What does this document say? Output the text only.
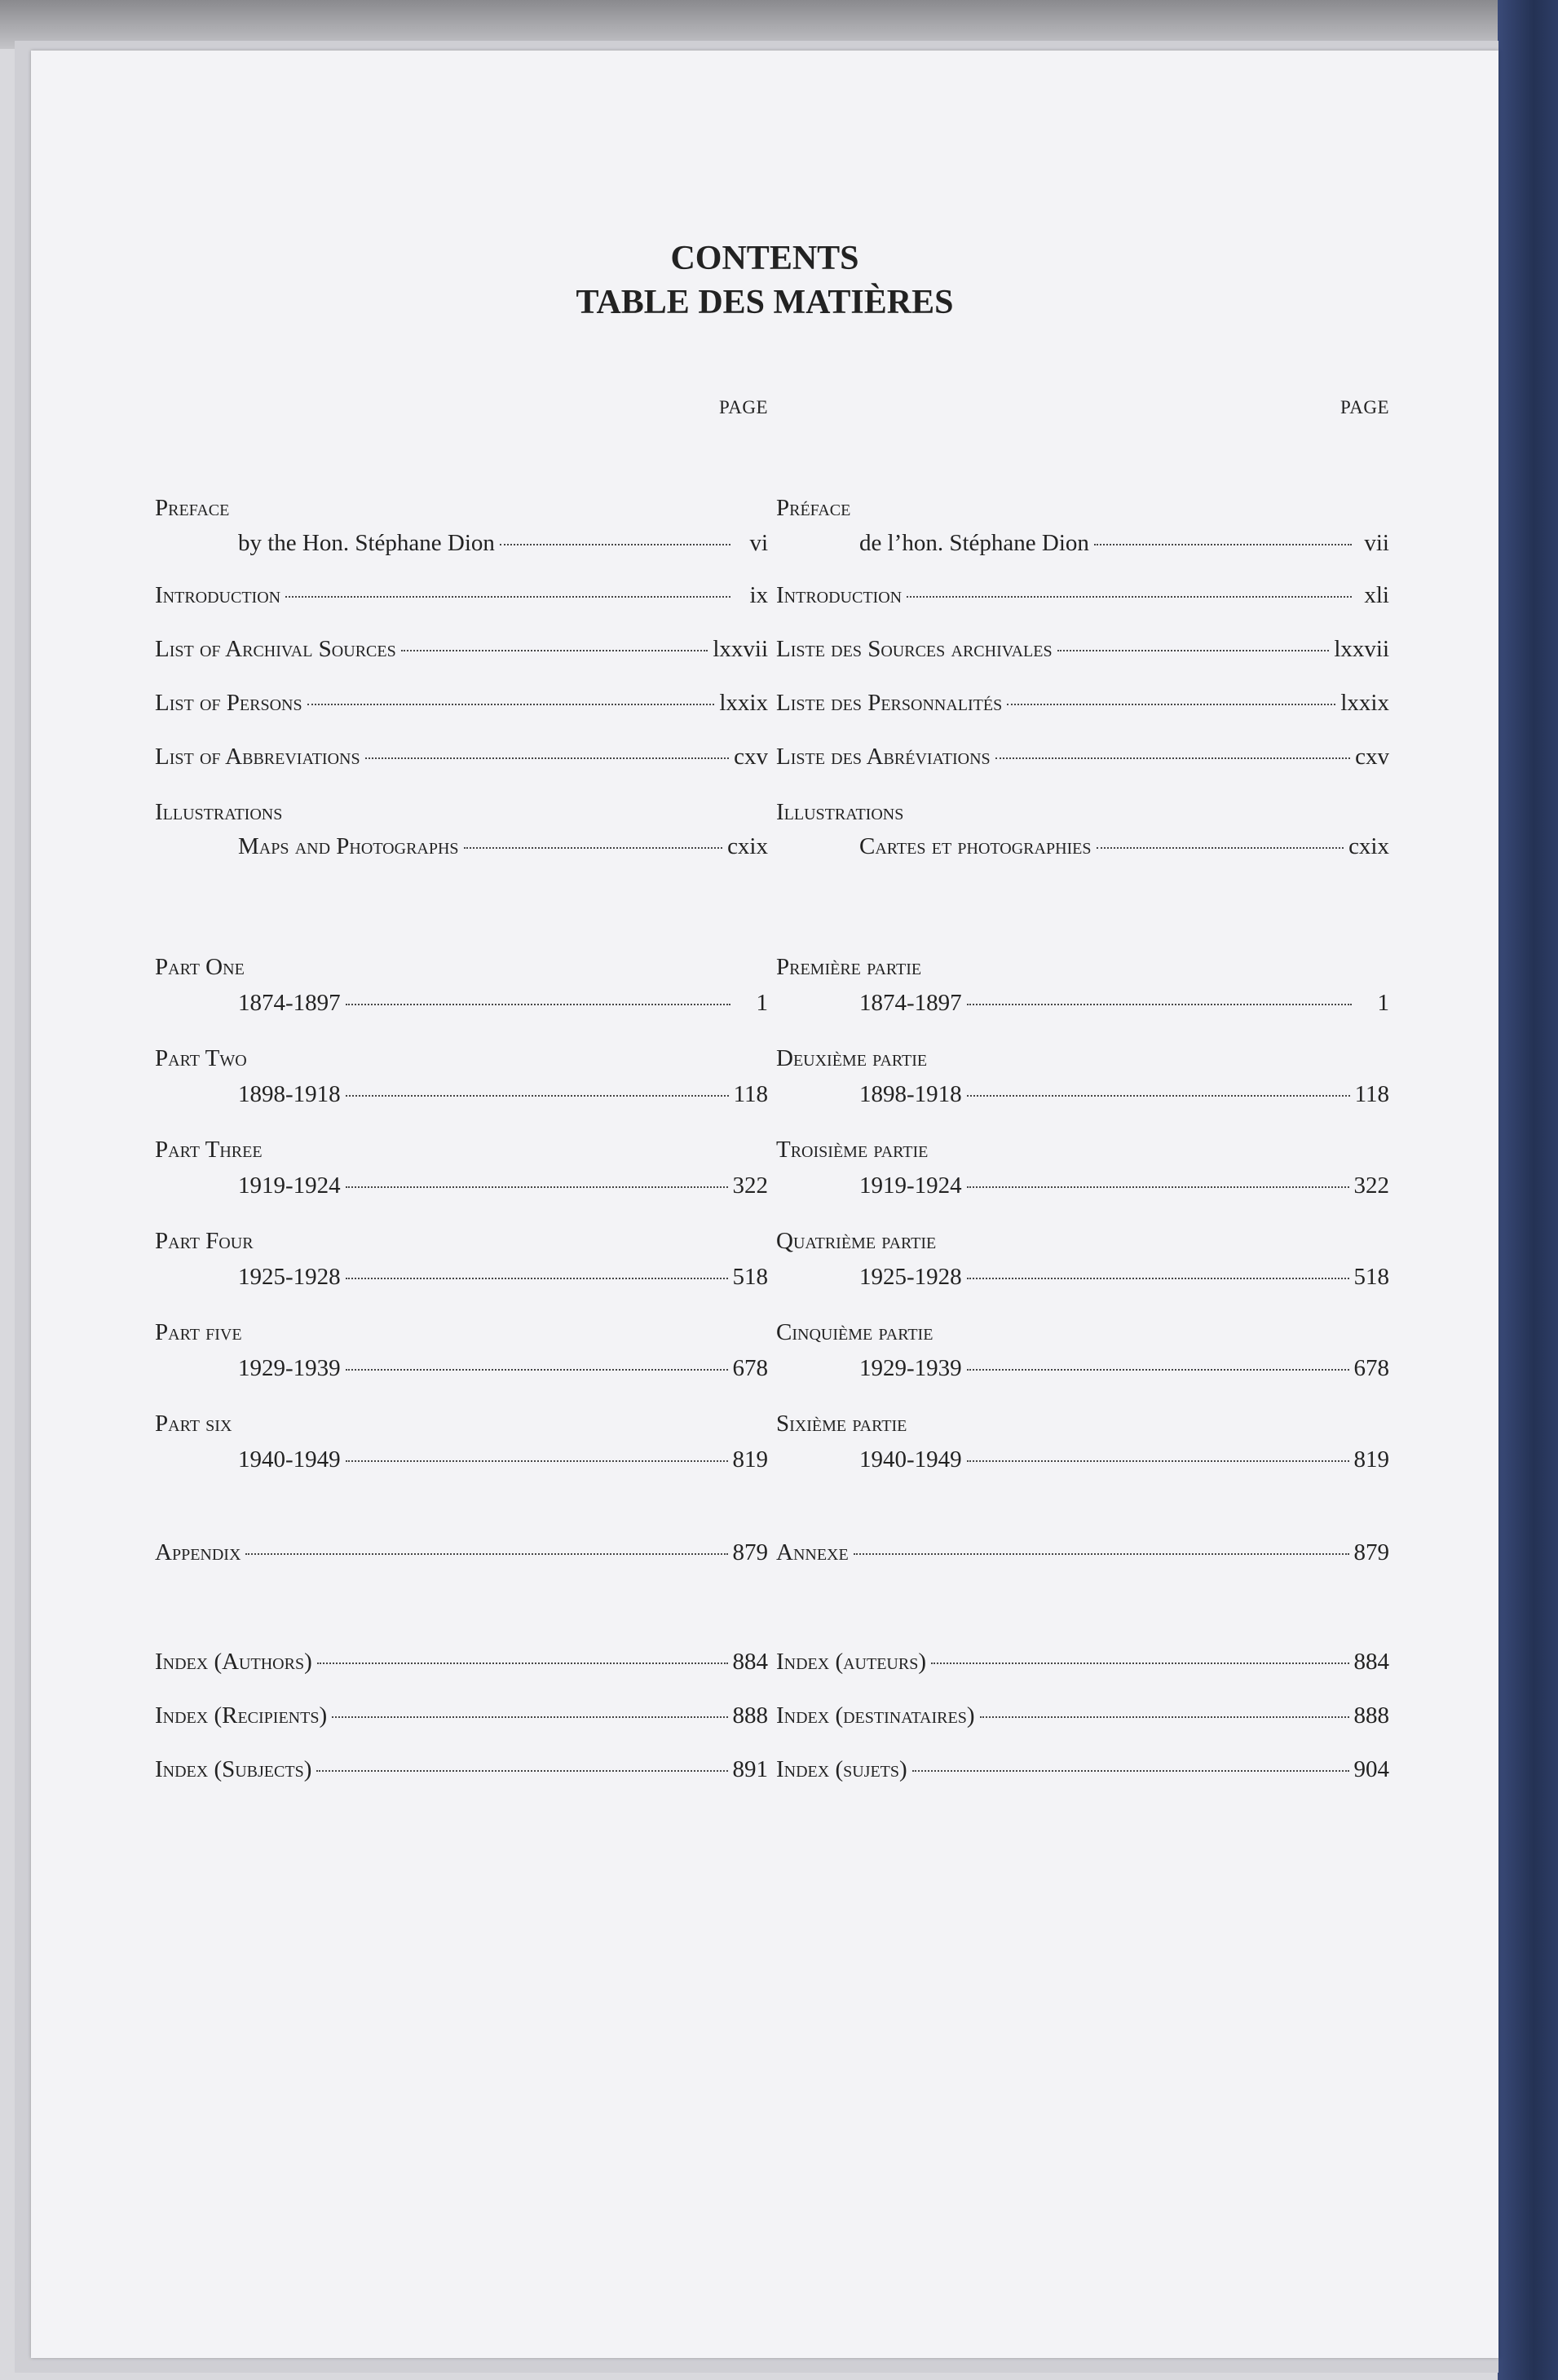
CONTENTS
TABLE DES MATIÈRES
PAGE
Preface
by the Hon. Stéphane Dion	vi
Introduction	ix
List of Archival Sources	lxxvii
List of Persons	lxxix
List of Abbreviations	cxv
Illustrations
Maps and Photographs	cxix
Part One
1874-1897	1
Part Two
1898-1918	118
Part Three
1919-1924	322
Part Four
1925-1928	518
Part five
1929-1939	678
Part six
1940-1949	819
Appendix	879
Index (Authors)	884
Index (Recipients)	888
Index (Subjects)	891
PAGE
Préface
de l’hon. Stéphane Dion	vii
Introduction	xli
Liste des Sources archivales	lxxvii
Liste des Personnalités	lxxix
Liste des Abréviations	cxv
Illustrations
Cartes et photographies	cxix
Première partie
1874-1897	1
Deuxième partie
1898-1918	118
Troisième partie
1919-1924	322
Quatrième partie
1925-1928	518
Cinquième partie
1929-1939	678
Sixième partie
1940-1949	819
Annexe	879
Index (auteurs)	884
Index (destinataires)	888
Index (sujets)	904
